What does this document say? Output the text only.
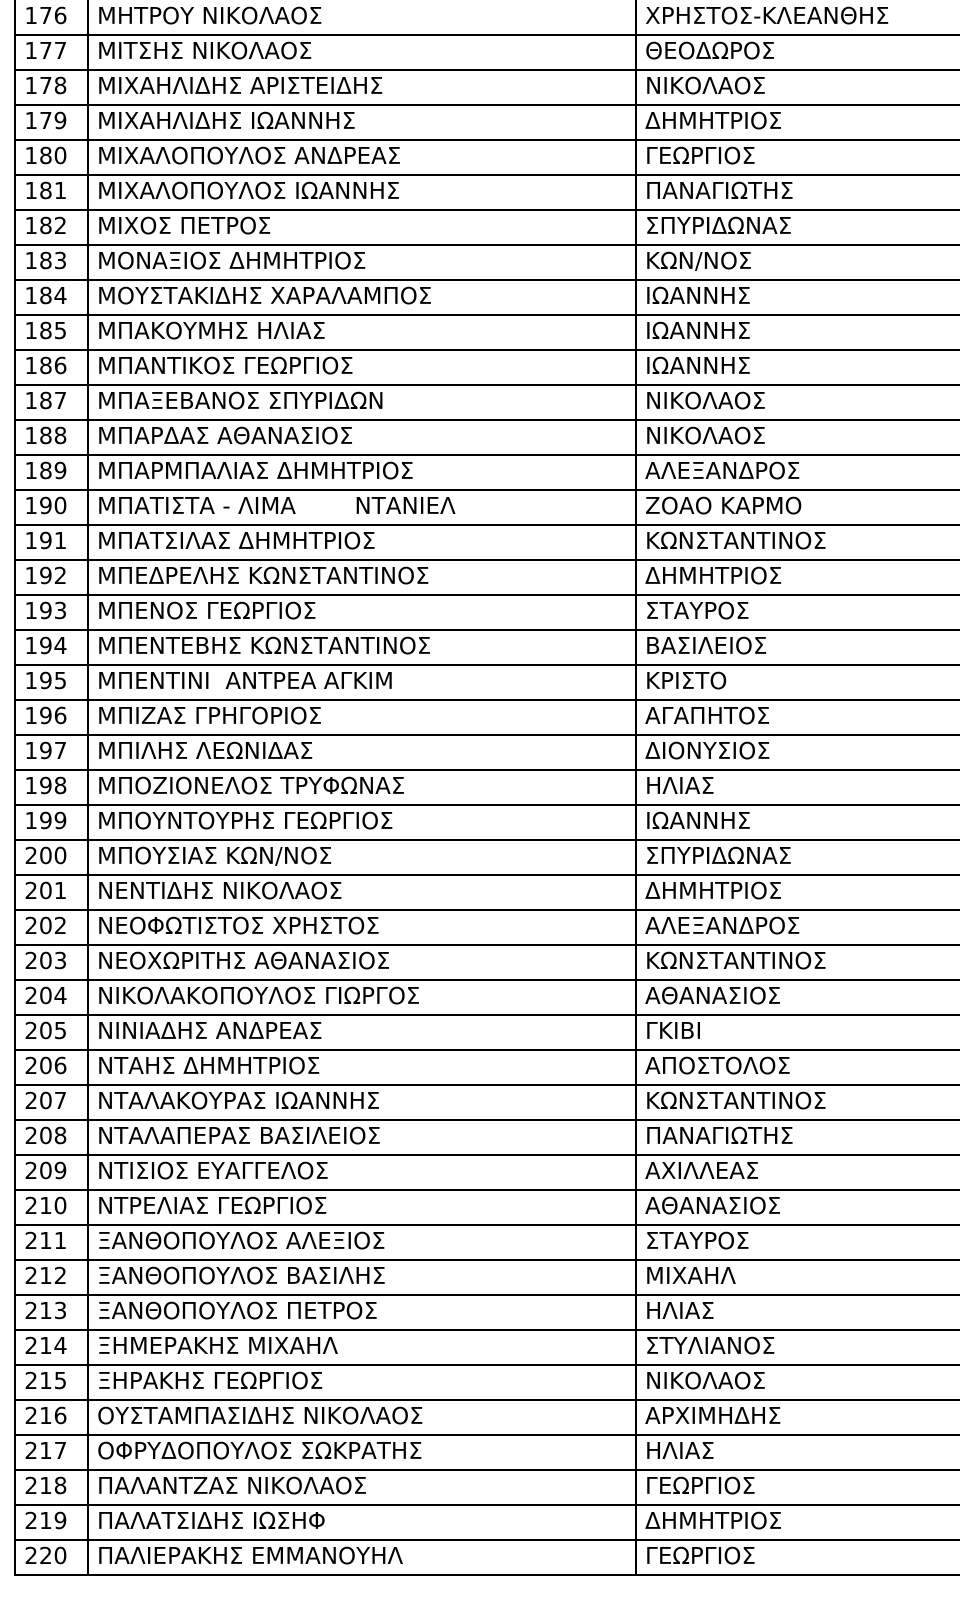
176	ΜΗΤΡΟΥ ΝΙΚΟΛΑΟΣ	ΧΡΗΣΤΟΣ-ΚΛΕΑΝΘΗΣ
177	ΜΙΤΣΗΣ ΝΙΚΟΛΑΟΣ	ΘΕΟΔΩΡΟΣ
178	ΜΙΧΑΗΛΙΔΗΣ ΑΡΙΣΤΕΙΔΗΣ	ΝΙΚΟΛΑΟΣ
179	ΜΙΧΑΗΛΙΔΗΣ ΙΩΑΝΝΗΣ	ΔΗΜΗΤΡΙΟΣ
180	ΜΙΧΑΛΟΠΟΥΛΟΣ ΑΝΔΡΕΑΣ	ΓΕΩΡΓΙΟΣ
181	ΜΙΧΑΛΟΠΟΥΛΟΣ ΙΩΑΝΝΗΣ	ΠΑΝΑΓΙΩΤΗΣ
182	ΜΙΧΟΣ ΠΕΤΡΟΣ	ΣΠΥΡΙΔΩΝΑΣ
183	ΜΟΝΑΞΙΟΣ ΔΗΜΗΤΡΙΟΣ	ΚΩΝ/ΝΟΣ
184	ΜΟΥΣΤΑΚΙΔΗΣ ΧΑΡΑΛΑΜΠΟΣ	ΙΩΑΝΝΗΣ
185	ΜΠΑΚΟΥΜΗΣ ΗΛΙΑΣ	ΙΩΑΝΝΗΣ
186	ΜΠΑΝΤΙΚΟΣ ΓΕΩΡΓΙΟΣ	ΙΩΑΝΝΗΣ
187	ΜΠΑΞΕΒΑΝΟΣ ΣΠΥΡΙΔΩΝ	ΝΙΚΟΛΑΟΣ
188	ΜΠΑΡΔΑΣ ΑΘΑΝΑΣΙΟΣ	ΝΙΚΟΛΑΟΣ
189	ΜΠΑΡΜΠΑΛΙΑΣ ΔΗΜΗΤΡΙΟΣ	ΑΛΕΞΑΝΔΡΟΣ
190	ΜΠΑΤΙΣΤΑ - ΛΙΜΑ        ΝΤΑΝΙΕΛ	ΖΟΑΟ ΚΑΡΜΟ
191	ΜΠΑΤΣΙΛΑΣ ΔΗΜΗΤΡΙΟΣ	ΚΩΝΣΤΑΝΤΙΝΟΣ
192	ΜΠΕΔΡΕΛΗΣ ΚΩΝΣΤΑΝΤΙΝΟΣ	ΔΗΜΗΤΡΙΟΣ
193	ΜΠΕΝΟΣ ΓΕΩΡΓΙΟΣ	ΣΤΑΥΡΟΣ
194	ΜΠΕΝΤΕΒΗΣ ΚΩΝΣΤΑΝΤΙΝΟΣ	ΒΑΣΙΛΕΙΟΣ
195	ΜΠΕΝΤΙΝΙ  ΑΝΤΡΕΑ ΑΓΚΙΜ	ΚΡΙΣΤΟ
196	ΜΠΙΖΑΣ ΓΡΗΓΟΡΙΟΣ	ΑΓΑΠΗΤΟΣ
197	ΜΠΙΛΗΣ ΛΕΩΝΙΔΑΣ	ΔΙΟΝΥΣΙΟΣ
198	ΜΠΟΖΙΟΝΕΛΟΣ ΤΡΥΦΩΝΑΣ	ΗΛΙΑΣ
199	ΜΠΟΥΝΤΟΥΡΗΣ ΓΕΩΡΓΙΟΣ	ΙΩΑΝΝΗΣ
200	ΜΠΟΥΣΙΑΣ ΚΩΝ/ΝΟΣ	ΣΠΥΡΙΔΩΝΑΣ
201	ΝΕΝΤΙΔΗΣ ΝΙΚΟΛΑΟΣ	ΔΗΜΗΤΡΙΟΣ
202	ΝΕΟΦΩΤΙΣΤΟΣ ΧΡΗΣΤΟΣ	ΑΛΕΞΑΝΔΡΟΣ
203	ΝΕΟΧΩΡΙΤΗΣ ΑΘΑΝΑΣΙΟΣ	ΚΩΝΣΤΑΝΤΙΝΟΣ
204	ΝΙΚΟΛΑΚΟΠΟΥΛΟΣ ΓΙΩΡΓΟΣ	ΑΘΑΝΑΣΙΟΣ
205	ΝΙΝΙΑΔΗΣ ΑΝΔΡΕΑΣ	ΓΚΙΒΙ
206	ΝΤΑΗΣ ΔΗΜΗΤΡΙΟΣ	ΑΠΟΣΤΟΛΟΣ
207	ΝΤΑΛΑΚΟΥΡΑΣ ΙΩΑΝΝΗΣ	ΚΩΝΣΤΑΝΤΙΝΟΣ
208	ΝΤΑΛΑΠΕΡΑΣ ΒΑΣΙΛΕΙΟΣ	ΠΑΝΑΓΙΩΤΗΣ
209	ΝΤΙΣΙΟΣ ΕΥΑΓΓΕΛΟΣ	ΑΧΙΛΛΕΑΣ
210	ΝΤΡΕΛΙΑΣ ΓΕΩΡΓΙΟΣ	ΑΘΑΝΑΣΙΟΣ
211	ΞΑΝΘΟΠΟΥΛΟΣ ΑΛΕΞΙΟΣ	ΣΤΑΥΡΟΣ
212	ΞΑΝΘΟΠΟΥΛΟΣ ΒΑΣΙΛΗΣ	ΜΙΧΑΗΛ
213	ΞΑΝΘΟΠΟΥΛΟΣ ΠΕΤΡΟΣ	ΗΛΙΑΣ
214	ΞΗΜΕΡΑΚΗΣ ΜΙΧΑΗΛ	ΣΤΥΛΙΑΝΟΣ
215	ΞΗΡΑΚΗΣ ΓΕΩΡΓΙΟΣ	ΝΙΚΟΛΑΟΣ
216	ΟΥΣΤΑΜΠΑΣΙΔΗΣ ΝΙΚΟΛΑΟΣ	ΑΡΧΙΜΗΔΗΣ
217	ΟΦΡΥΔΟΠΟΥΛΟΣ ΣΩΚΡΑΤΗΣ	ΗΛΙΑΣ
218	ΠΑΛΑΝΤΖΑΣ ΝΙΚΟΛΑΟΣ	ΓΕΩΡΓΙΟΣ
219	ΠΑΛΑΤΣΙΔΗΣ ΙΩΣΗΦ	ΔΗΜΗΤΡΙΟΣ
220	ΠΑΛΙΕΡΑΚΗΣ ΕΜΜΑΝΟΥΗΛ	ΓΕΩΡΓΙΟΣ
